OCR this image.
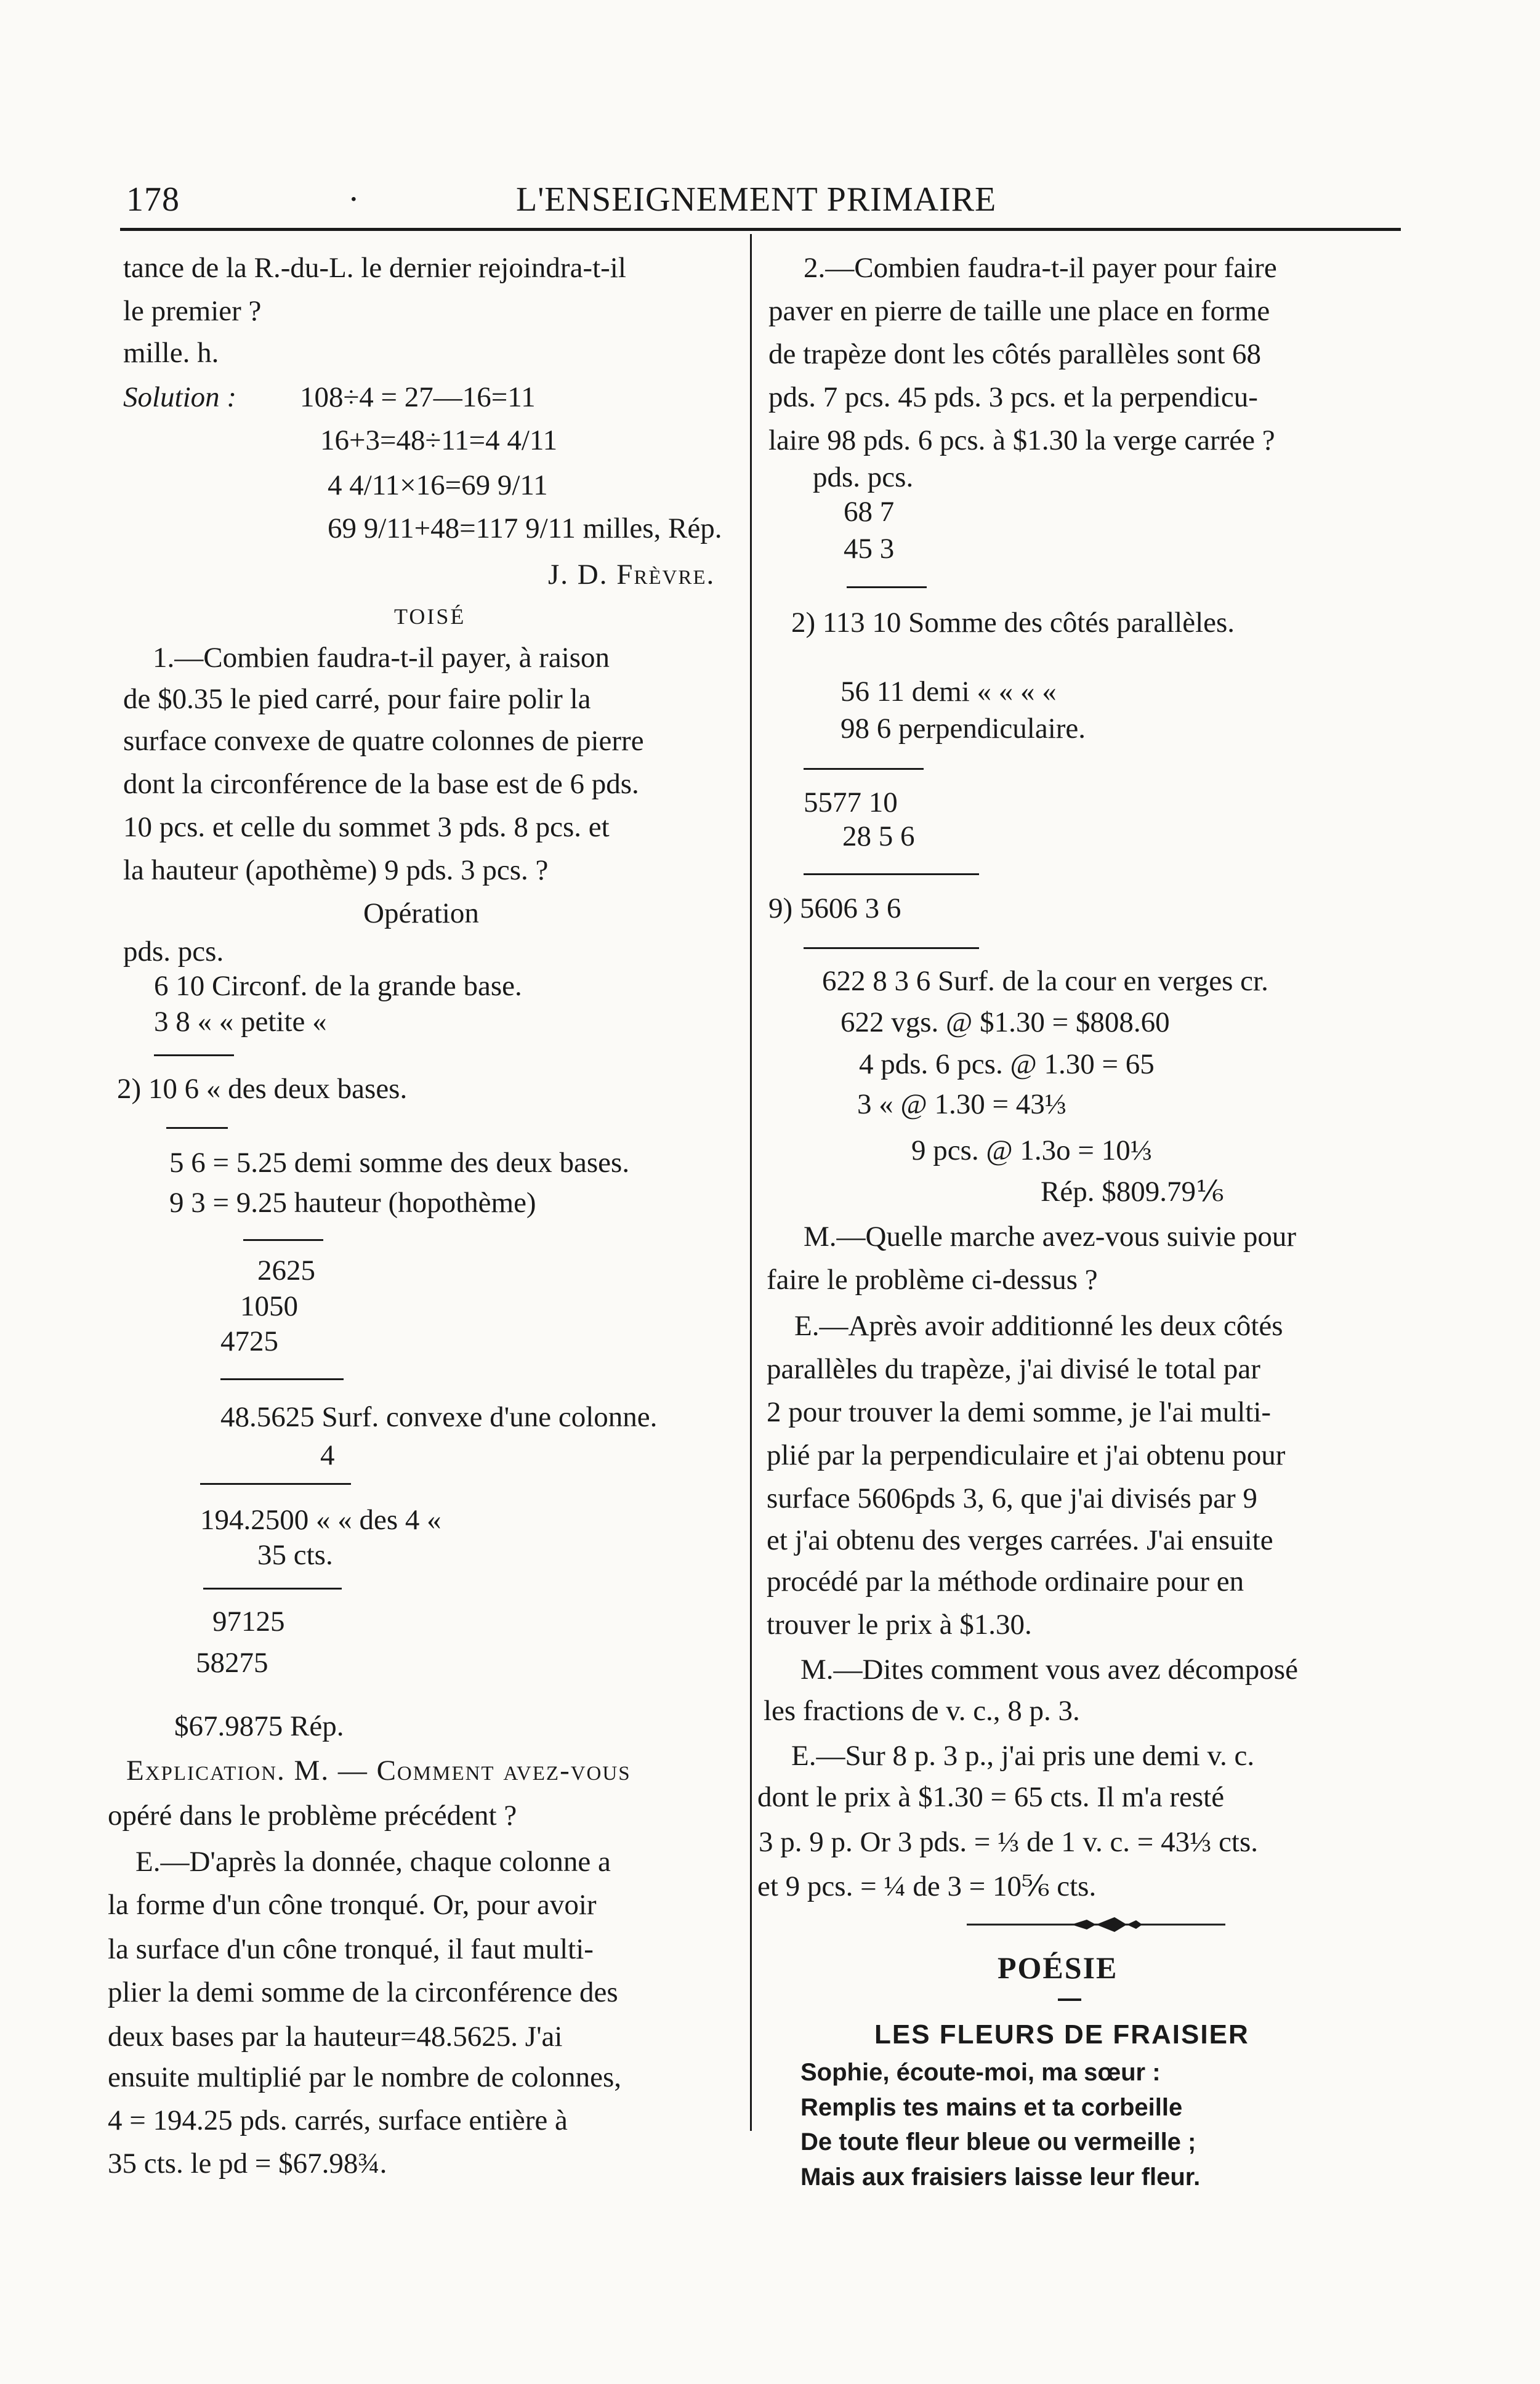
178	·	L'ENSEIGNEMENT PRIMAIRE
tance de la R.-du-L. le dernier rejoindra-t-il
le premier ?
mille. h.
Solution : 108÷4 = 27—16=11
16+3=48÷11=4 4/11
4 4/11×16=69 9/11
69 9/11+48=117 9/11 milles, Rép.
J. D. Frèvre.
TOISÉ
1.—Combien faudra-t-il payer, à raison
de $0.35 le pied carré, pour faire polir la
surface convexe de quatre colonnes de pierre
dont la circonférence de la base est de 6 pds.
10 pcs. et celle du sommet 3 pds. 8 pcs. et
la hauteur (apothème) 9 pds. 3 pcs. ?
Opération
pds. pcs.
6 10 Circonf. de la grande base.
3 8 « « petite «
2) 10 6 « des deux bases.
5 6 = 5.25 demi somme des deux bases.
9 3 = 9.25 hauteur (hopothème)
2625
1050
4725
48.5625 Surf. convexe d'une colonne.
4
194.2500 « « des 4 «
35 cts.
97125
58275
$67.9875 Rép.
Explication. M. — Comment avez-vous
opéré dans le problème précédent ?
E.—D'après la donnée, chaque colonne a
la forme d'un cône tronqué. Or, pour avoir
la surface d'un cône tronqué, il faut multi-
plier la demi somme de la circonférence des
deux bases par la hauteur=48.5625. J'ai
ensuite multiplié par le nombre de colonnes,
4 = 194.25 pds. carrés, surface entière à
35 cts. le pd = $67.98¾.
2.—Combien faudra-t-il payer pour faire
paver en pierre de taille une place en forme
de trapèze dont les côtés parallèles sont 68
pds. 7 pcs. 45 pds. 3 pcs. et la perpendicu-
laire 98 pds. 6 pcs. à $1.30 la verge carrée ?
pds. pcs.
68 7
45 3
2) 113 10 Somme des côtés parallèles.
56 11 demi « « « «
98 6 perpendiculaire.
5577 10
28 5 6
9) 5606 3 6
622 8 3 6 Surf. de la cour en verges cr.
622 vgs. @ $1.30 = $808.60
4 pds. 6 pcs. @ 1.30 = 65
3 « @ 1.30 = 43⅓
9 pcs. @ 1.3o = 10⅓
Rép. $809.79⅙
M.—Quelle marche avez-vous suivie pour
faire le problème ci-dessus ?
E.—Après avoir additionné les deux côtés
parallèles du trapèze, j'ai divisé le total par
2 pour trouver la demi somme, je l'ai multi-
plié par la perpendiculaire et j'ai obtenu pour
surface 5606pds 3, 6, que j'ai divisés par 9
et j'ai obtenu des verges carrées. J'ai ensuite
procédé par la méthode ordinaire pour en
trouver le prix à $1.30.
M.—Dites comment vous avez décomposé
les fractions de v. c., 8 p. 3.
E.—Sur 8 p. 3 p., j'ai pris une demi v. c.
dont le prix à $1.30 = 65 cts. Il m'a resté
3 p. 9 p. Or 3 pds. = ⅓ de 1 v. c. = 43⅓ cts.
et 9 pcs. = ¼ de 3 = 10⅚ cts.
POÉSIE
LES FLEURS DE FRAISIER
Sophie, écoute-moi, ma sœur :
Remplis tes mains et ta corbeille
De toute fleur bleue ou vermeille ;
Mais aux fraisiers laisse leur fleur.
